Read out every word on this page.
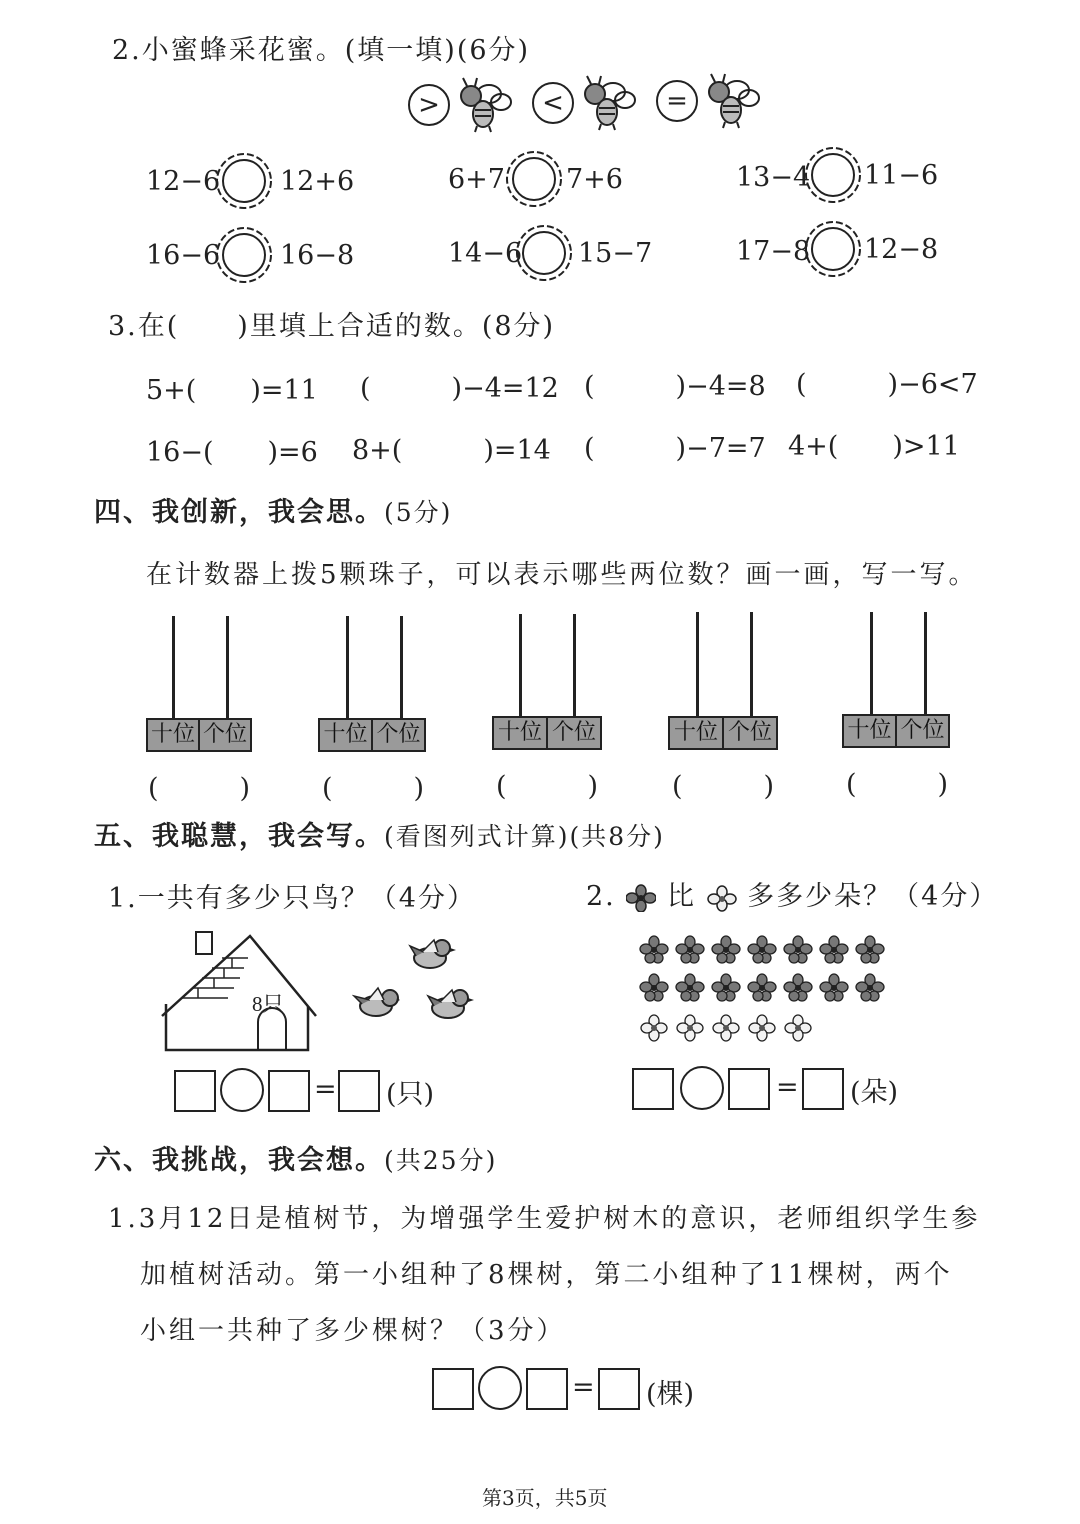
2.小蜜蜂采花蜜。(填一填)(6分)
>	<	=
12−6 12+6	6+7 7+6	13−4 11−6
16−6 16−8	14−6 15−7	17−8 12−8
3.在(　　)里填上合适的数。(8分)
5+(　　)=11 (　　　)−4=12 (　　　)−4=8 (　　　)−6<7
16−(　　)=6 8+(　　　)=14 (　　　)−7=7 4+(　　)>11
四、我创新，我会思。(5分)
在计数器上拨5颗珠子，可以表示哪些两位数？画一画，写一写。
十位 个位
(　　　)
十位 个位
(　　　)
十位 个位
(　　　)
十位 个位
(　　　)
十位 个位
(　　　)
五、我聪慧，我会写。(看图列式计算)(共8分)
1.一共有多少只鸟？（4分）
8只
= (只)
2. 比 多多少朵？（4分）
= (朵)
六、我挑战，我会想。(共25分)
1.3月12日是植树节，为增强学生爱护树木的意识，老师组织学生参
加植树活动。第一小组种了8棵树，第二小组种了11棵树，两个
小组一共种了多少棵树？（3分）
= (棵)
第3页，共5页
